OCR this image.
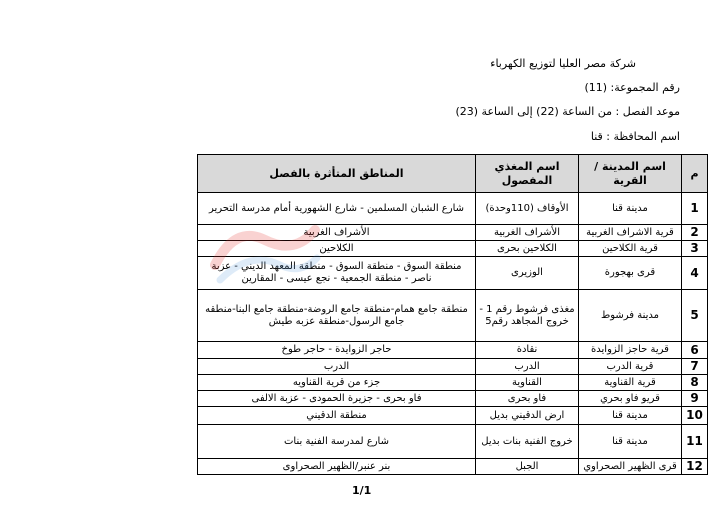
شركة مصر العليا لتوزيع الكهرباء
رقم المجموعة: (11)
موعد الفصل : من الساعة (22) إلى الساعة (23)
اسم المحافظة : قنا
م	اسم المدينة / القرية	اسم المغذي المفصول	المناطق المتأثرة بالفصل
1	مدينة قنا	الأوقاف (110وحدة)	شارع الشبان المسلمين - شارع الشهورية أمام مدرسة التحرير
2	قرية الاشراف الغربية	الأشراف الغربية	الأشراف الغربية
3	قرية الكلاحين	الكلاحين بحرى	الكلاحين
4	قرى بهجورة	الوزيرى	منطقة السوق - منطقة السوق - منطقة المعهد الديني - عزبة ناصر - منطقة الجمعية - نجع عيسى - المقارين
5	مدينة فرشوط	مغذى فرشوط رقم 1 - خروج المجاهد رقم5	منطقة جامع همام-منطقة جامع الروضة-منطقة جامع البنا-منطقه جامع الرسول-منطقة عزبه طيش
6	قرية حاجز الزوايدة	نقادة	حاجر الزوايدة - حاجر طوخ
7	قرية الدرب	الدرب	الدرب
8	قرية القناوية	القناوية	جزء من قرية القناويه
9	قريو فاو بحري	فاو بحرى	فاو بحرى - جزيرة الحمودى - عزبة الالفى
10	مدينة قنا	ارض الدقيني بديل	منطقة الدقيني
11	مدينة قنا	خروج الفنية بنات بديل	شارع لمدرسة الفنية بنات
12	قرى الظهير الصحراوي	الجبل	بنر عنبر/الظهير الصحراوى
1/1
